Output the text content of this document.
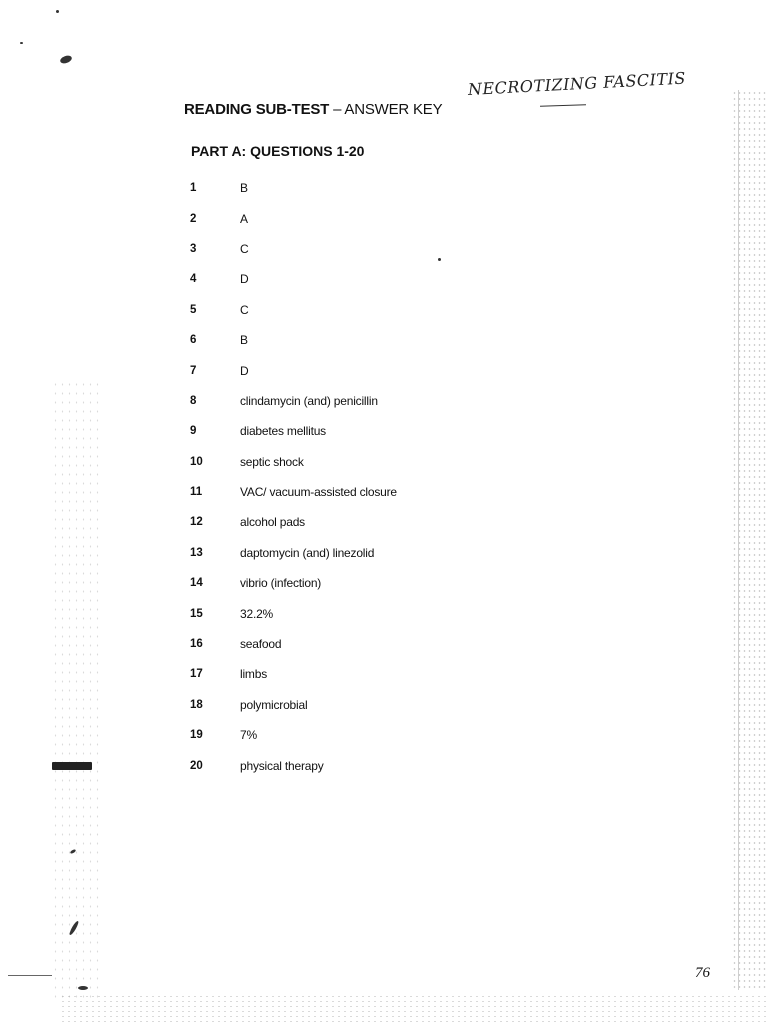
READING SUB-TEST – ANSWER KEY
NECROTIZING FASCITIS
PART A: QUESTIONS 1-20
1	B
2	A
3	C
4	D
5	C
6	B
7	D
8	clindamycin (and) penicillin
9	diabetes mellitus
10	septic shock
11	VAC/ vacuum-assisted closure
12	alcohol pads
13	daptomycin (and) linezolid
14	vibrio (infection)
15	32.2%
16	seafood
17	limbs
18	polymicrobial
19	7%
20	physical therapy
76
